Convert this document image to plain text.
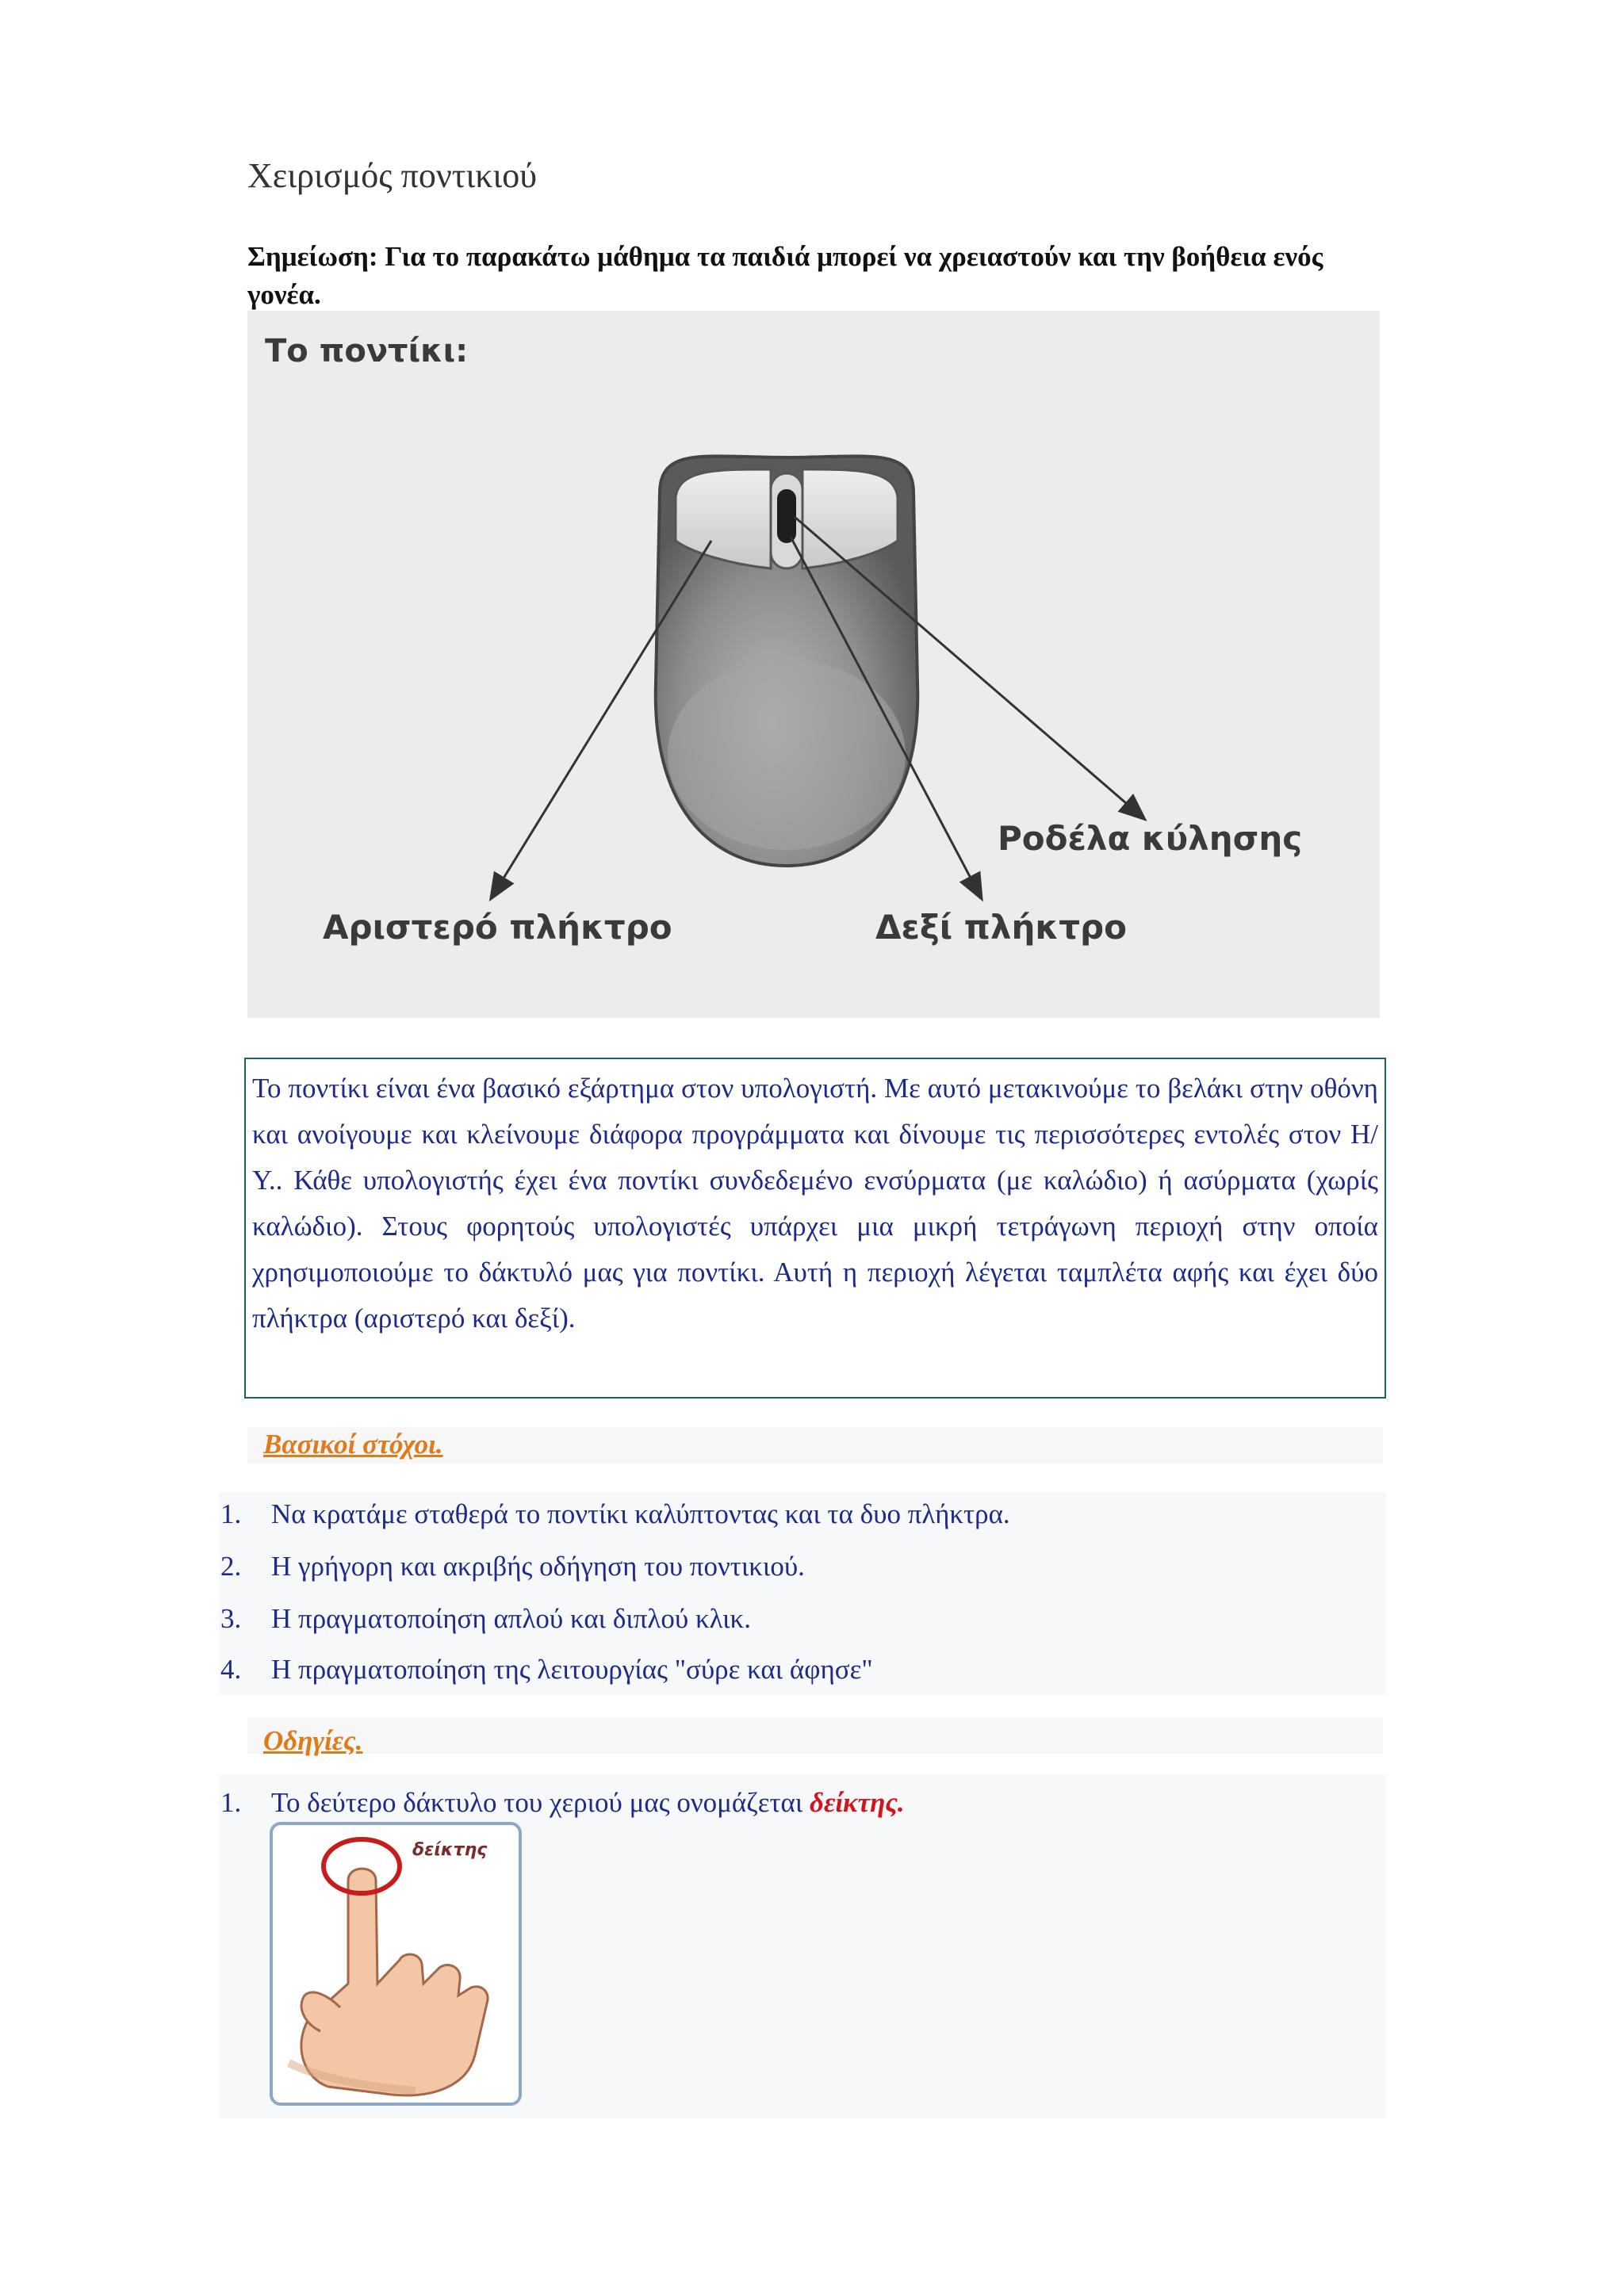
Χειρισμός ποντικιού
Σημείωση: Για το παρακάτω μάθημα τα παιδιά μπορεί να χρειαστούν και την βοήθεια ενός γονέα.
Το ποντίκι:
Αριστερό πλήκτρο	Δεξί πλήκτρο
Ροδέλα κύλησης
Το ποντίκι είναι ένα βασικό εξάρτημα στον υπολογιστή. Με αυτό μετακινούμε το βελάκι στην οθόνη και ανοίγουμε και κλείνουμε διάφορα προγράμματα και δίνουμε τις περισσότερες εντολές στον Η/Υ.. Κάθε υπολογιστής έχει ένα ποντίκι συνδεδεμένο ενσύρματα (με καλώδιο) ή ασύρματα (χωρίς καλώδιο). Στους φορητούς υπολογιστές υπάρχει μια μικρή τετράγωνη περιοχή στην οποία χρησιμοποιούμε το δάκτυλό μας για ποντίκι. Αυτή η περιοχή λέγεται ταμπλέτα αφής και έχει δύο πλήκτρα (αριστερό και δεξί).
Βασικοί στόχοι.
1. Να κρατάμε σταθερά το ποντίκι καλύπτοντας και τα δυο πλήκτρα.
2. Η γρήγορη και ακριβής οδήγηση του ποντικιού.
3. Η πραγματοποίηση απλού και διπλού κλικ.
4. Η πραγματοποίηση της λειτουργίας "σύρε και άφησε"
Οδηγίες.
1. Το δεύτερο δάκτυλο του χεριού μας ονομάζεται δείκτης.
δείκτης
